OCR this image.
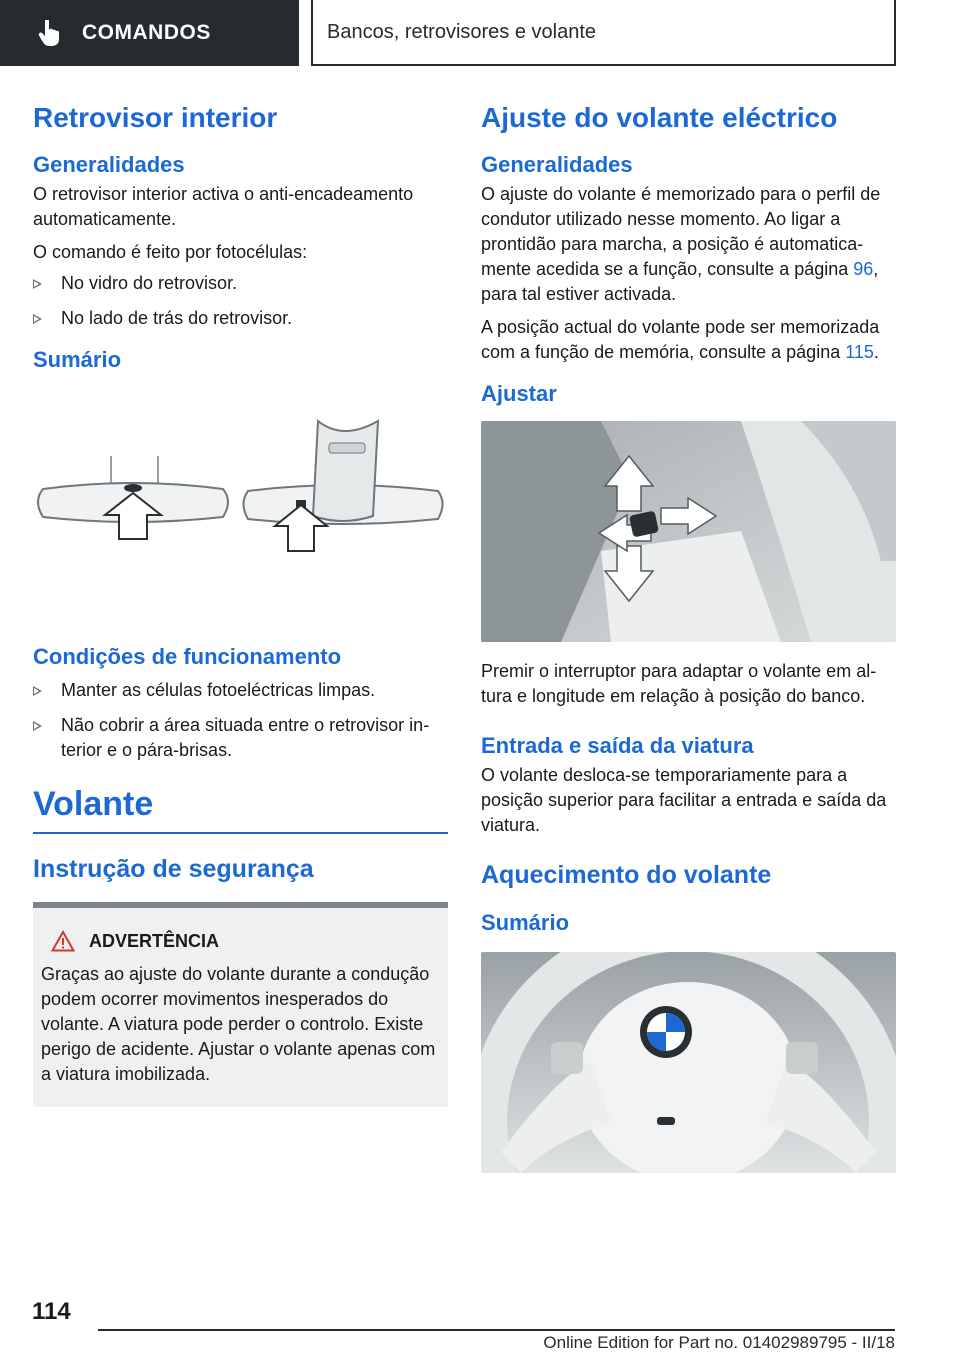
COMANDOS	Bancos, retrovisores e volante
Retrovisor interior
Generalidades

O retrovisor interior activa o anti-encadeamento automaticamente.

O comando é feito por fotocélulas:

No vidro do retrovisor.
No lado de trás do retrovisor.
Sumário
Condições de funcionamento
Manter as células fotoeléctricas limpas.
Não cobrir a área situada entre o retrovisor interior e o pára-brisas.
Volante
Instrução de segurança
ADVERTÊNCIA

Graças ao ajuste do volante durante a condução podem ocorrer movimentos inesperados do volante. A viatura pode perder o controlo. Existe perigo de acidente. Ajustar o volante apenas com a viatura imobilizada.

Ajuste do volante eléctrico
Generalidades

O ajuste do volante é memorizado para o perfil de condutor utilizado nesse momento. Ao ligar a prontidão para marcha, a posição é automaticamente acedida se a função, consulte a página 96, para tal estiver activada.

A posição actual do volante pode ser memorizada com a função de memória, consulte a página 115.

Ajustar

Premir o interruptor para adaptar o volante em altura e longitude em relação à posição do banco.

Entrada e saída da viatura

O volante desloca-se temporariamente para a posição superior para facilitar a entrada e saída da viatura.

Aquecimento do volante
Sumário
114
Online Edition for Part no. 01402989795 - II/18
